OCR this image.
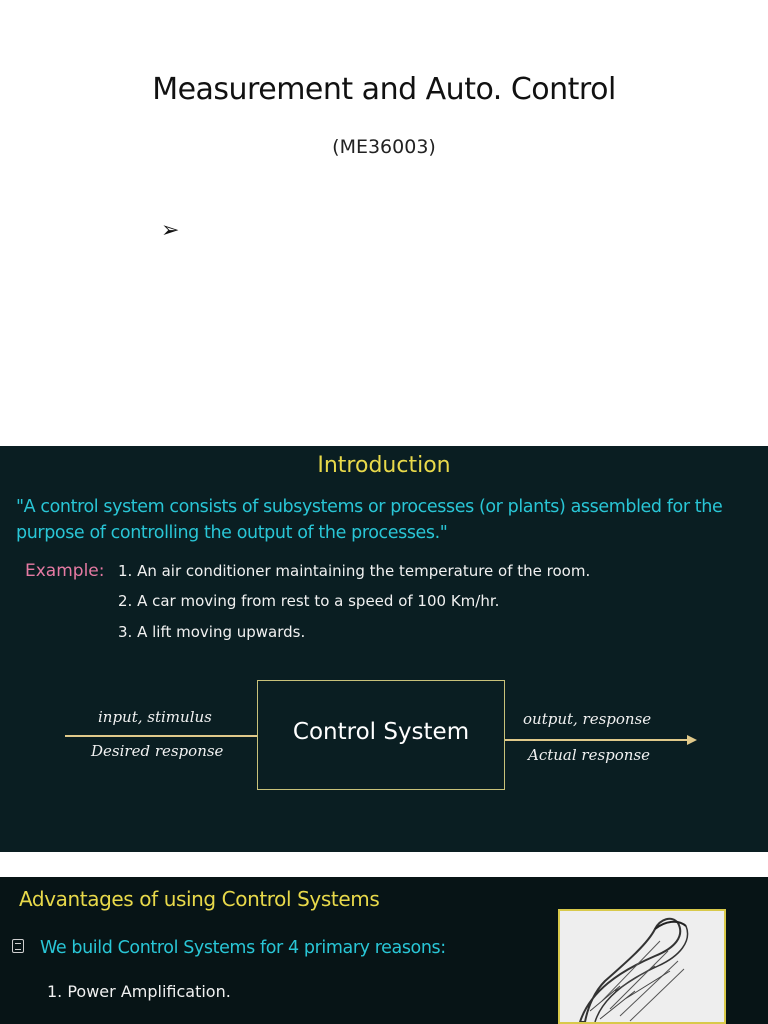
Measurement and Auto. Control
(ME36003)
➢
Introduction
"A control system consists of subsystems or processes (or plants) assembled for the purpose of controlling the output of the processes."
Example: 1. An air conditioner maintaining the temperature of the room.
2. A car moving from rest to a speed of 100 Km/hr.
3. A lift moving upwards.
input, stimulus
Desired response
Control System	output, response
Actual response
Advantages of using Control Systems
We build Control Systems for 4 primary reasons:
1. Power Amplification.
